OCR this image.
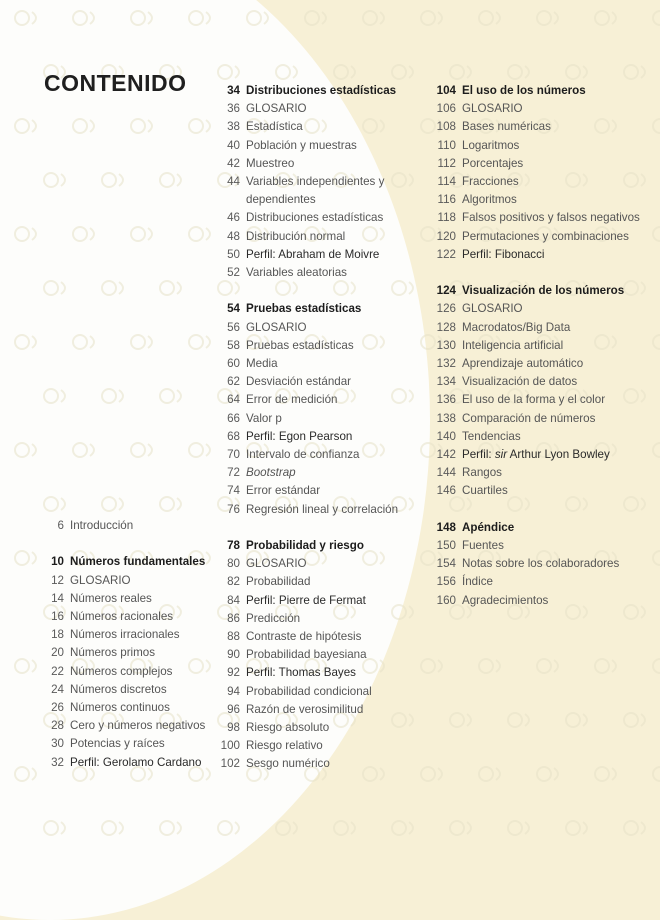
CONTENIDO
6 Introducción
10 Números fundamentales
12 GLOSARIO
14 Números reales
16 Números racionales
18 Números irracionales
20 Números primos
22 Números complejos
24 Números discretos
26 Números continuos
28 Cero y números negativos
30 Potencias y raíces
32 Perfil: Gerolamo Cardano
34 Distribuciones estadísticas
36 GLOSARIO
38 Estadística
40 Población y muestras
42 Muestreo
44 Variables independientes y
dependientes
46 Distribuciones estadísticas
48 Distribución normal
50 Perfil: Abraham de Moivre
52 Variables aleatorias
54 Pruebas estadísticas
56 GLOSARIO
58 Pruebas estadísticas
60 Media
62 Desviación estándar
64 Error de medición
66 Valor p
68 Perfil: Egon Pearson
70 Intervalo de confianza
72 Bootstrap
74 Error estándar
76 Regresión lineal y correlación
78 Probabilidad y riesgo
80 GLOSARIO
82 Probabilidad
84 Perfil: Pierre de Fermat
86 Predicción
88 Contraste de hipótesis
90 Probabilidad bayesiana
92 Perfil: Thomas Bayes
94 Probabilidad condicional
96 Razón de verosimilitud
98 Riesgo absoluto
100 Riesgo relativo
102 Sesgo numérico
104 El uso de los números
106 GLOSARIO
108 Bases numéricas
110 Logaritmos
112 Porcentajes
114 Fracciones
116 Algoritmos
118 Falsos positivos y falsos negativos
120 Permutaciones y combinaciones
122 Perfil: Fibonacci
124 Visualización de los números
126 GLOSARIO
128 Macrodatos/Big Data
130 Inteligencia artificial
132 Aprendizaje automático
134 Visualización de datos
136 El uso de la forma y el color
138 Comparación de números
140 Tendencias
142 Perfil: sir Arthur Lyon Bowley
144 Rangos
146 Cuartiles
148 Apéndice
150 Fuentes
154 Notas sobre los colaboradores
156 Índice
160 Agradecimientos
